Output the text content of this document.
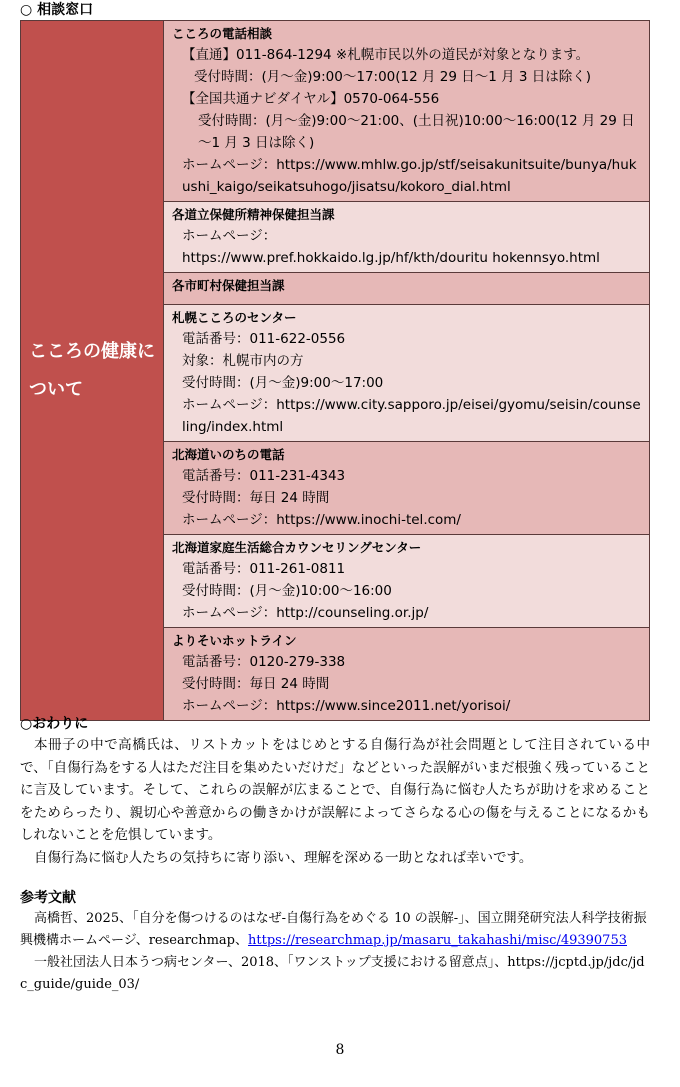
○ 相談窓口
こころの健康について	
こころの電話相談
【直通】011-864-1294 ※札幌市民以外の道民が対象となります。
受付時間：(月～金)9:00～17:00(12 月 29 日～1 月 3 日は除く)
【全国共通ナビダイヤル】0570-064-556
受付時間：(月～金)9:00～21:00、(土日祝)10:00～16:00(12 月 29 日～1 月 3 日は除く)
ホームページ：https://www.mhlw.go.jp/stf/seisakunitsuite/bunya/hukushi_kaigo/seikatsuhogo/jisatsu/kokoro_dial.html

各道立保健所精神保健担当課
ホームページ：
https://www.pref.hokkaido.lg.jp/hf/kth/douritu hokennsyo.html

各市町村保健担当課

札幌こころのセンター
電話番号：011-622-0556
対象：札幌市内の方
受付時間：(月～金)9:00～17:00
ホームページ：https://www.city.sapporo.jp/eisei/gyomu/seisin/counseling/index.html

北海道いのちの電話
電話番号：011-231-4343
受付時間：毎日 24 時間
ホームページ：https://www.inochi-tel.com/

北海道家庭生活総合カウンセリングセンター
電話番号：011-261-0811
受付時間：(月～金)10:00～16:00
ホームページ：http://counseling.or.jp/

よりそいホットライン
電話番号：0120-279-338
受付時間：毎日 24 時間
ホームページ：https://www.since2011.net/yorisoi/
○おわりに

本冊子の中で高橋氏は、リストカットをはじめとする自傷行為が社会問題として注目されている中で、「自傷行為をする人はただ注目を集めたいだけだ」などといった誤解がいまだ根強く残っていることに言及しています。そして、これらの誤解が広まることで、自傷行為に悩む人たちが助けを求めることをためらったり、親切心や善意からの働きかけが誤解によってさらなる心の傷を与えることになるかもしれないことを危惧しています。

自傷行為に悩む人たちの気持ちに寄り添い、理解を深める一助となれば幸いです。

参考文献

高橋哲、2025、「自分を傷つけるのはなぜ-自傷行為をめぐる 10 の誤解-」、国立開発研究法人科学技術振興機構ホームページ、researchmap、https://researchmap.jp/masaru_takahashi/misc/49390753

一般社団法人日本うつ病センター、2018、「ワンストップ支援における留意点」、https://jcptd.jp/jdc/jdc_guide/guide_03/

8
